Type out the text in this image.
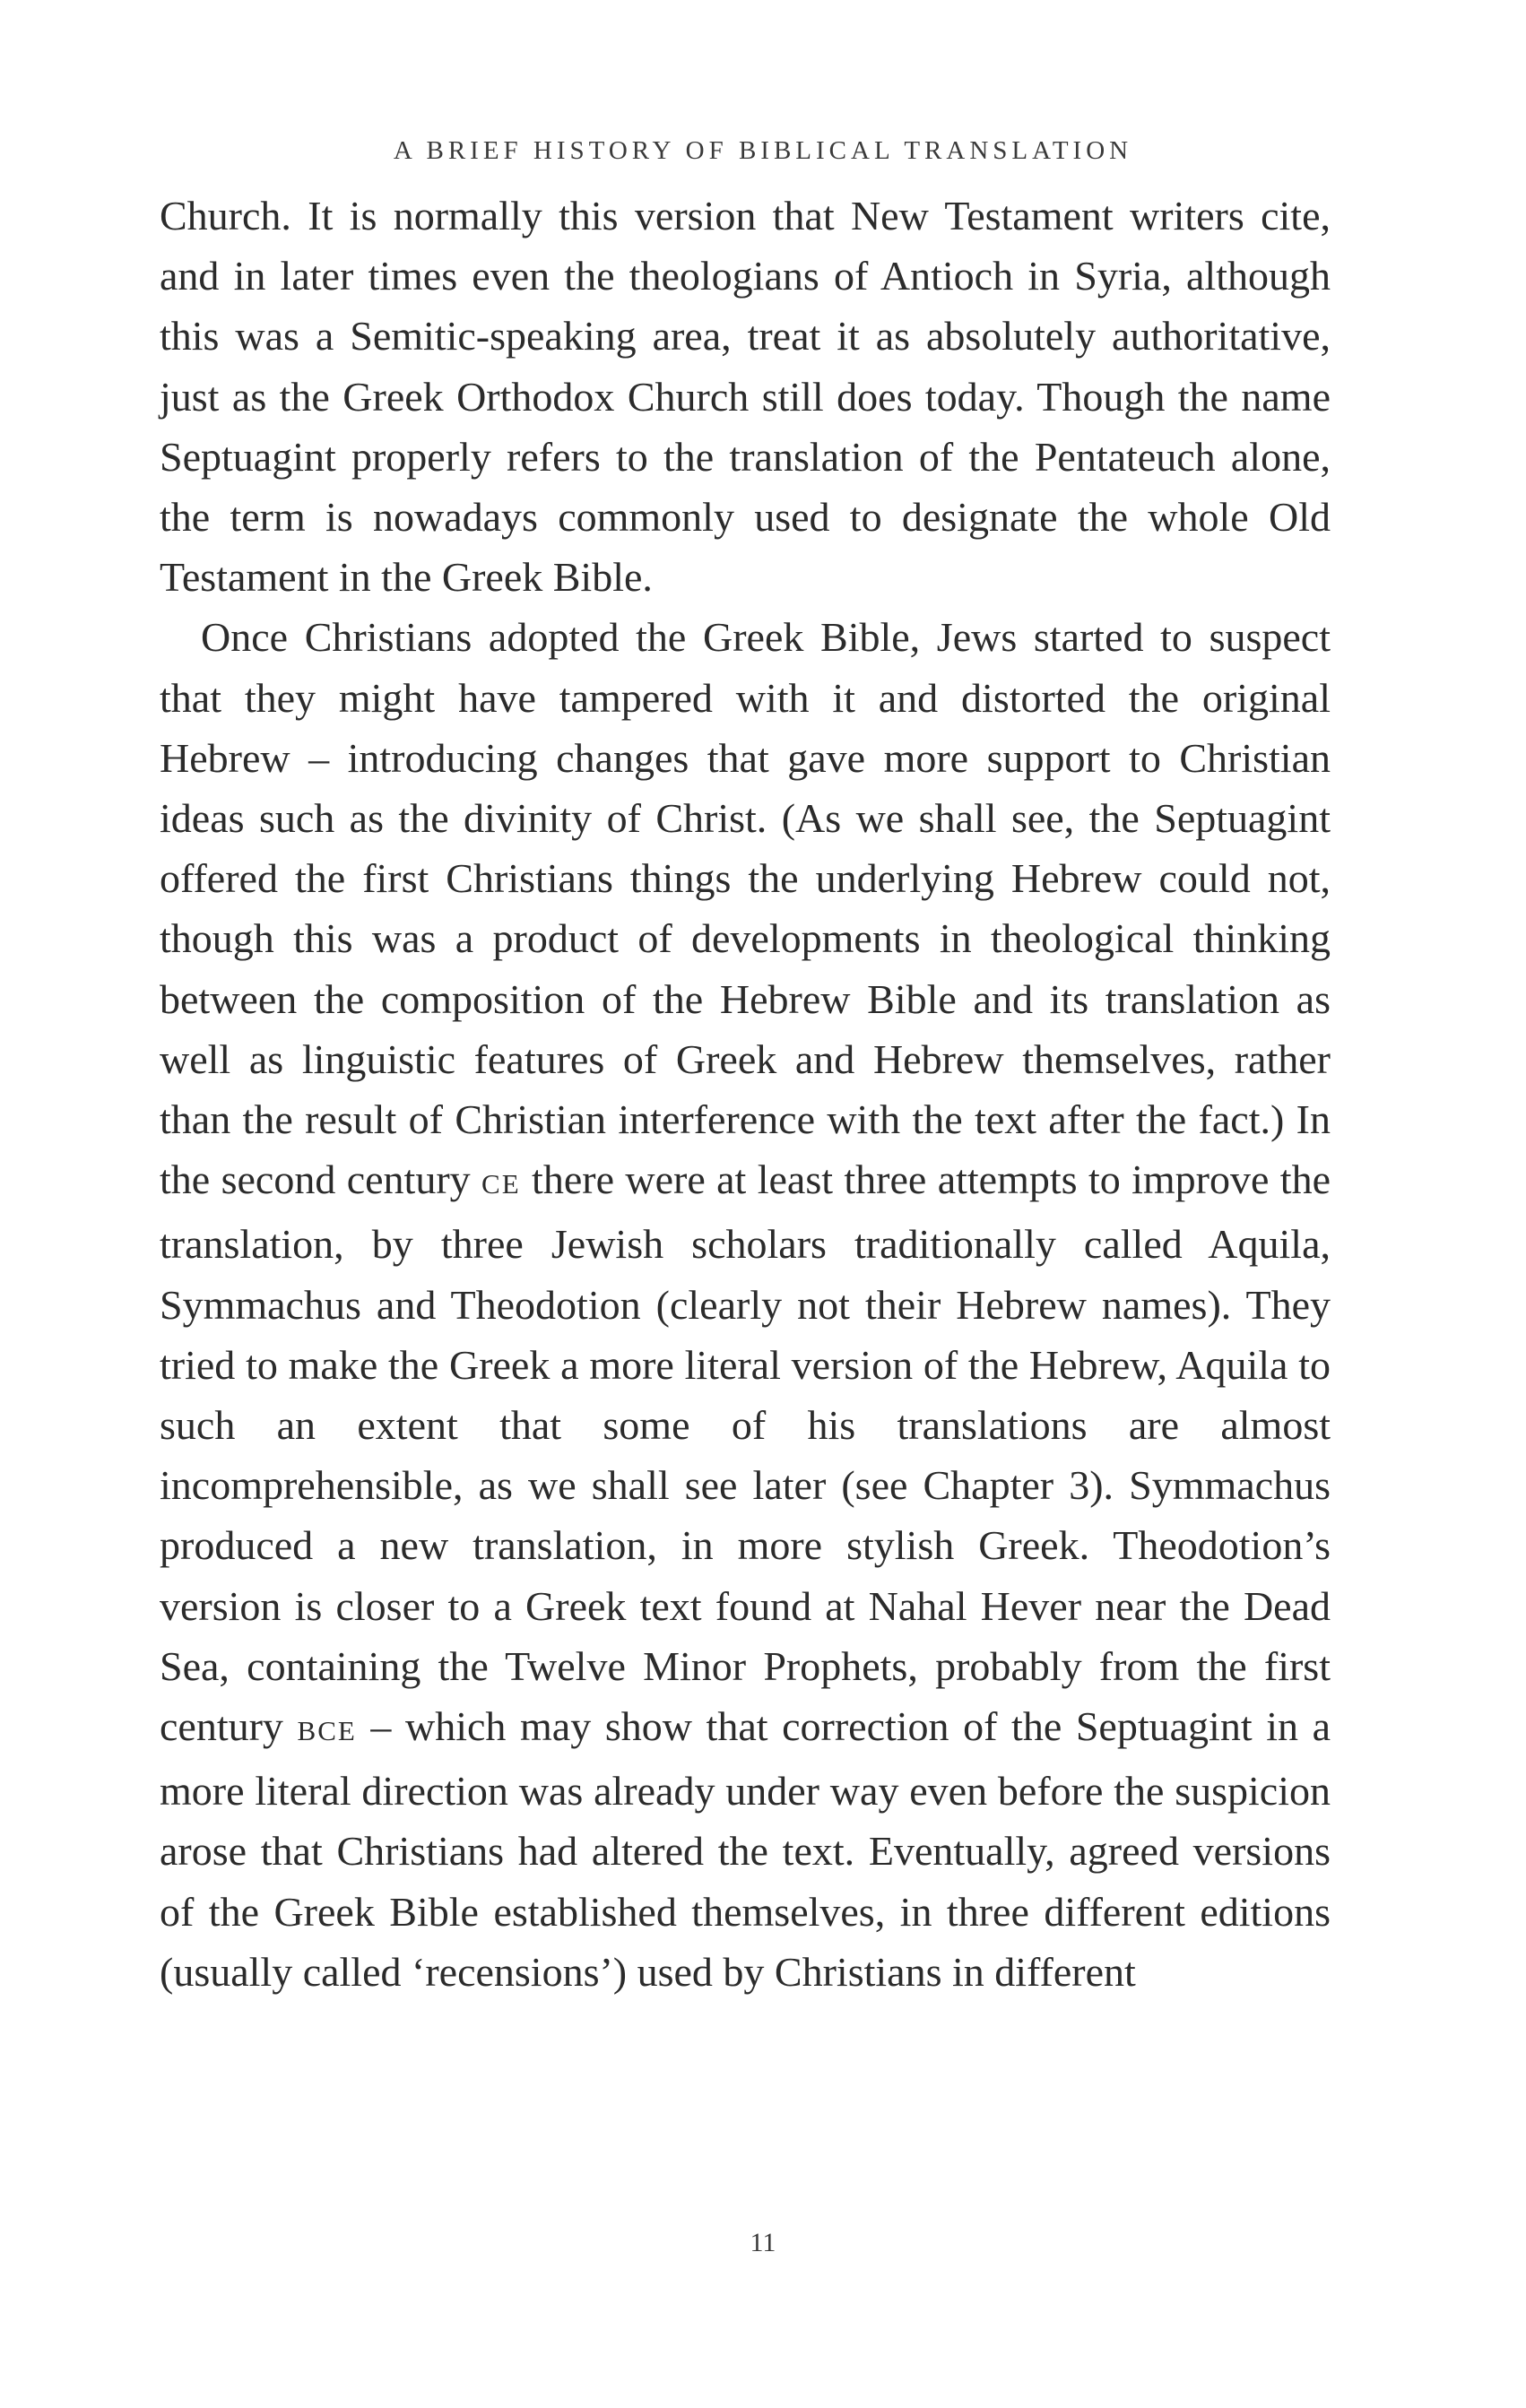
A BRIEF HISTORY OF BIBLICAL TRANSLATION

Church. It is normally this version that New Testament writers cite, and in later times even the theologians of Antioch in Syria, although this was a Semitic-speaking area, treat it as absolutely authoritative, just as the Greek Orthodox Church still does today. Though the name Septuagint properly refers to the translation of the Pentateuch alone, the term is nowadays commonly used to designate the whole Old Testament in the Greek Bible.

Once Christians adopted the Greek Bible, Jews started to suspect that they might have tampered with it and distorted the original Hebrew – introducing changes that gave more support to Christian ideas such as the divinity of Christ. (As we shall see, the Septuagint offered the first Christians things the underlying Hebrew could not, though this was a product of developments in theological thinking between the composition of the Hebrew Bible and its translation as well as linguistic features of Greek and Hebrew themselves, rather than the result of Christian interference with the text after the fact.) In the second century CE there were at least three attempts to improve the translation, by three Jewish scholars traditionally called Aquila, Symmachus and Theodotion (clearly not their Hebrew names). They tried to make the Greek a more literal version of the Hebrew, Aquila to such an extent that some of his translations are almost incomprehensible, as we shall see later (see Chapter 3). Symmachus produced a new translation, in more stylish Greek. Theodotion’s version is closer to a Greek text found at Nahal Hever near the Dead Sea, containing the Twelve Minor Prophets, probably from the first century BCE – which may show that correction of the Septuagint in a more literal direction was already under way even before the suspicion arose that Christians had altered the text. Eventually, agreed versions of the Greek Bible established themselves, in three different editions (usually called ‘recensions’) used by Christians in different

11
